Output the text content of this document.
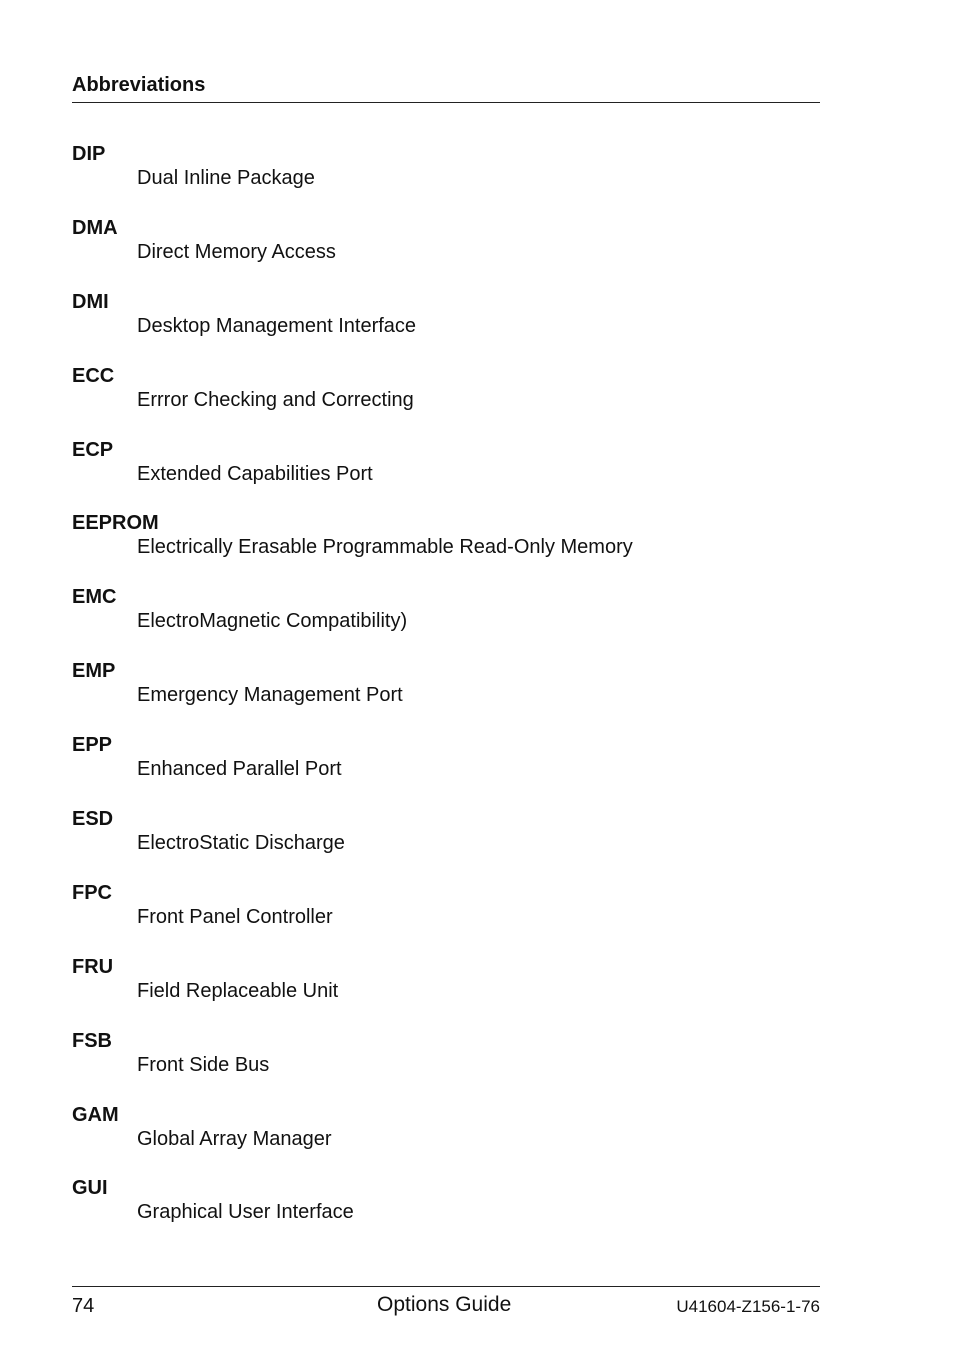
Abbreviations
DIP
Dual Inline Package
DMA
Direct Memory Access
DMI
Desktop Management Interface
ECC
Errror Checking and Correcting
ECP
Extended Capabilities Port
EEPROM
Electrically Erasable Programmable Read-Only Memory
EMC
ElectroMagnetic Compatibility)
EMP
Emergency Management Port
EPP
Enhanced Parallel Port
ESD
ElectroStatic Discharge
FPC
Front Panel Controller
FRU
Field Replaceable Unit
FSB
Front Side Bus
GAM
Global Array Manager
GUI
Graphical User Interface
74	Options Guide	U41604-Z156-1-76
